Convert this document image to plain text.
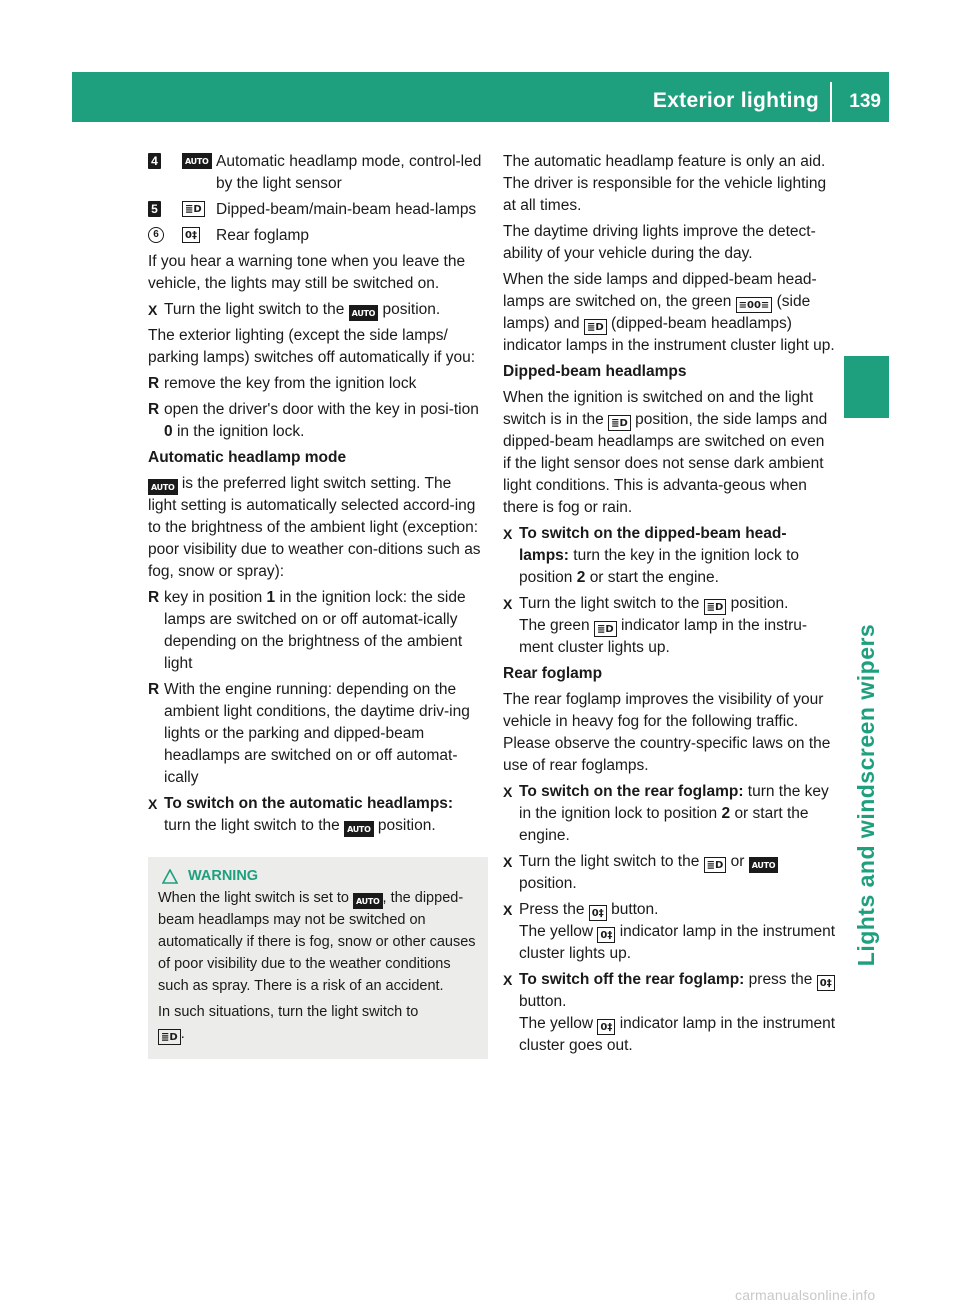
Exterior lighting 139
Lights and windscreen wipers
4	AUTO Automatic headlamp mode, control-led by the light sensor
5	≣D Dipped-beam/main-beam head-lamps
6	0‡ Rear foglamp

If you hear a warning tone when you leave the vehicle, the lights may still be switched on.

X Turn the light switch to the AUTO position.

The exterior lighting (except the side lamps/ parking lamps) switches off automatically if you:

R remove the key from the ignition lock
R open the driver's door with the key in posi-tion 0 in the ignition lock.

Automatic headlamp mode

AUTO is the preferred light switch setting. The light setting is automatically selected accord-ing to the brightness of the ambient light (exception: poor visibility due to weather con-ditions such as fog, snow or spray):

R key in position 1 in the ignition lock: the side lamps are switched on or off automat-ically depending on the brightness of the ambient light
R With the engine running: depending on the ambient light conditions, the daytime driv-ing lights or the parking and dipped-beam headlamps are switched on or off automat-ically
X To switch on the automatic headlamps: turn the light switch to the AUTO position.
WARNING

When the light switch is set to AUTO , the dipped-beam headlamps may not be switched on automatically if there is fog, snow or other causes of poor visibility due to the weather conditions such as spray. There is a risk of an accident.

In such situations, turn the light switch to
≣D .

The automatic headlamp feature is only an aid. The driver is responsible for the vehicle lighting at all times.

The daytime driving lights improve the detect-ability of your vehicle during the day.

When the side lamps and dipped-beam head-lamps are switched on, the green ≡00≡ (side lamps) and ≣D (dipped-beam headlamps) indicator lamps in the instrument cluster light up.

Dipped-beam headlamps

When the ignition is switched on and the light switch is in the ≣D position, the side lamps and dipped-beam headlamps are switched on even if the light sensor does not sense dark ambient light conditions. This is advanta-geous when there is fog or rain.

X To switch on the dipped-beam head-lamps: turn the key in the ignition lock to position 2 or start the engine.
X Turn the light switch to the ≣D position.
The green ≣D indicator lamp in the instru-ment cluster lights up.

Rear foglamp

The rear foglamp improves the visibility of your vehicle in heavy fog for the following traffic. Please observe the country-specific laws on the use of rear foglamps.

X To switch on the rear foglamp: turn the key in the ignition lock to position 2 or start the engine.
X Turn the light switch to the ≣D or AUTO position.
X Press the 0‡ button.
The yellow 0‡ indicator lamp in the instrument cluster lights up.
X To switch off the rear foglamp: press the 0‡ button.
The yellow 0‡ indicator lamp in the instrument cluster goes out.
carmanualsonline.info
